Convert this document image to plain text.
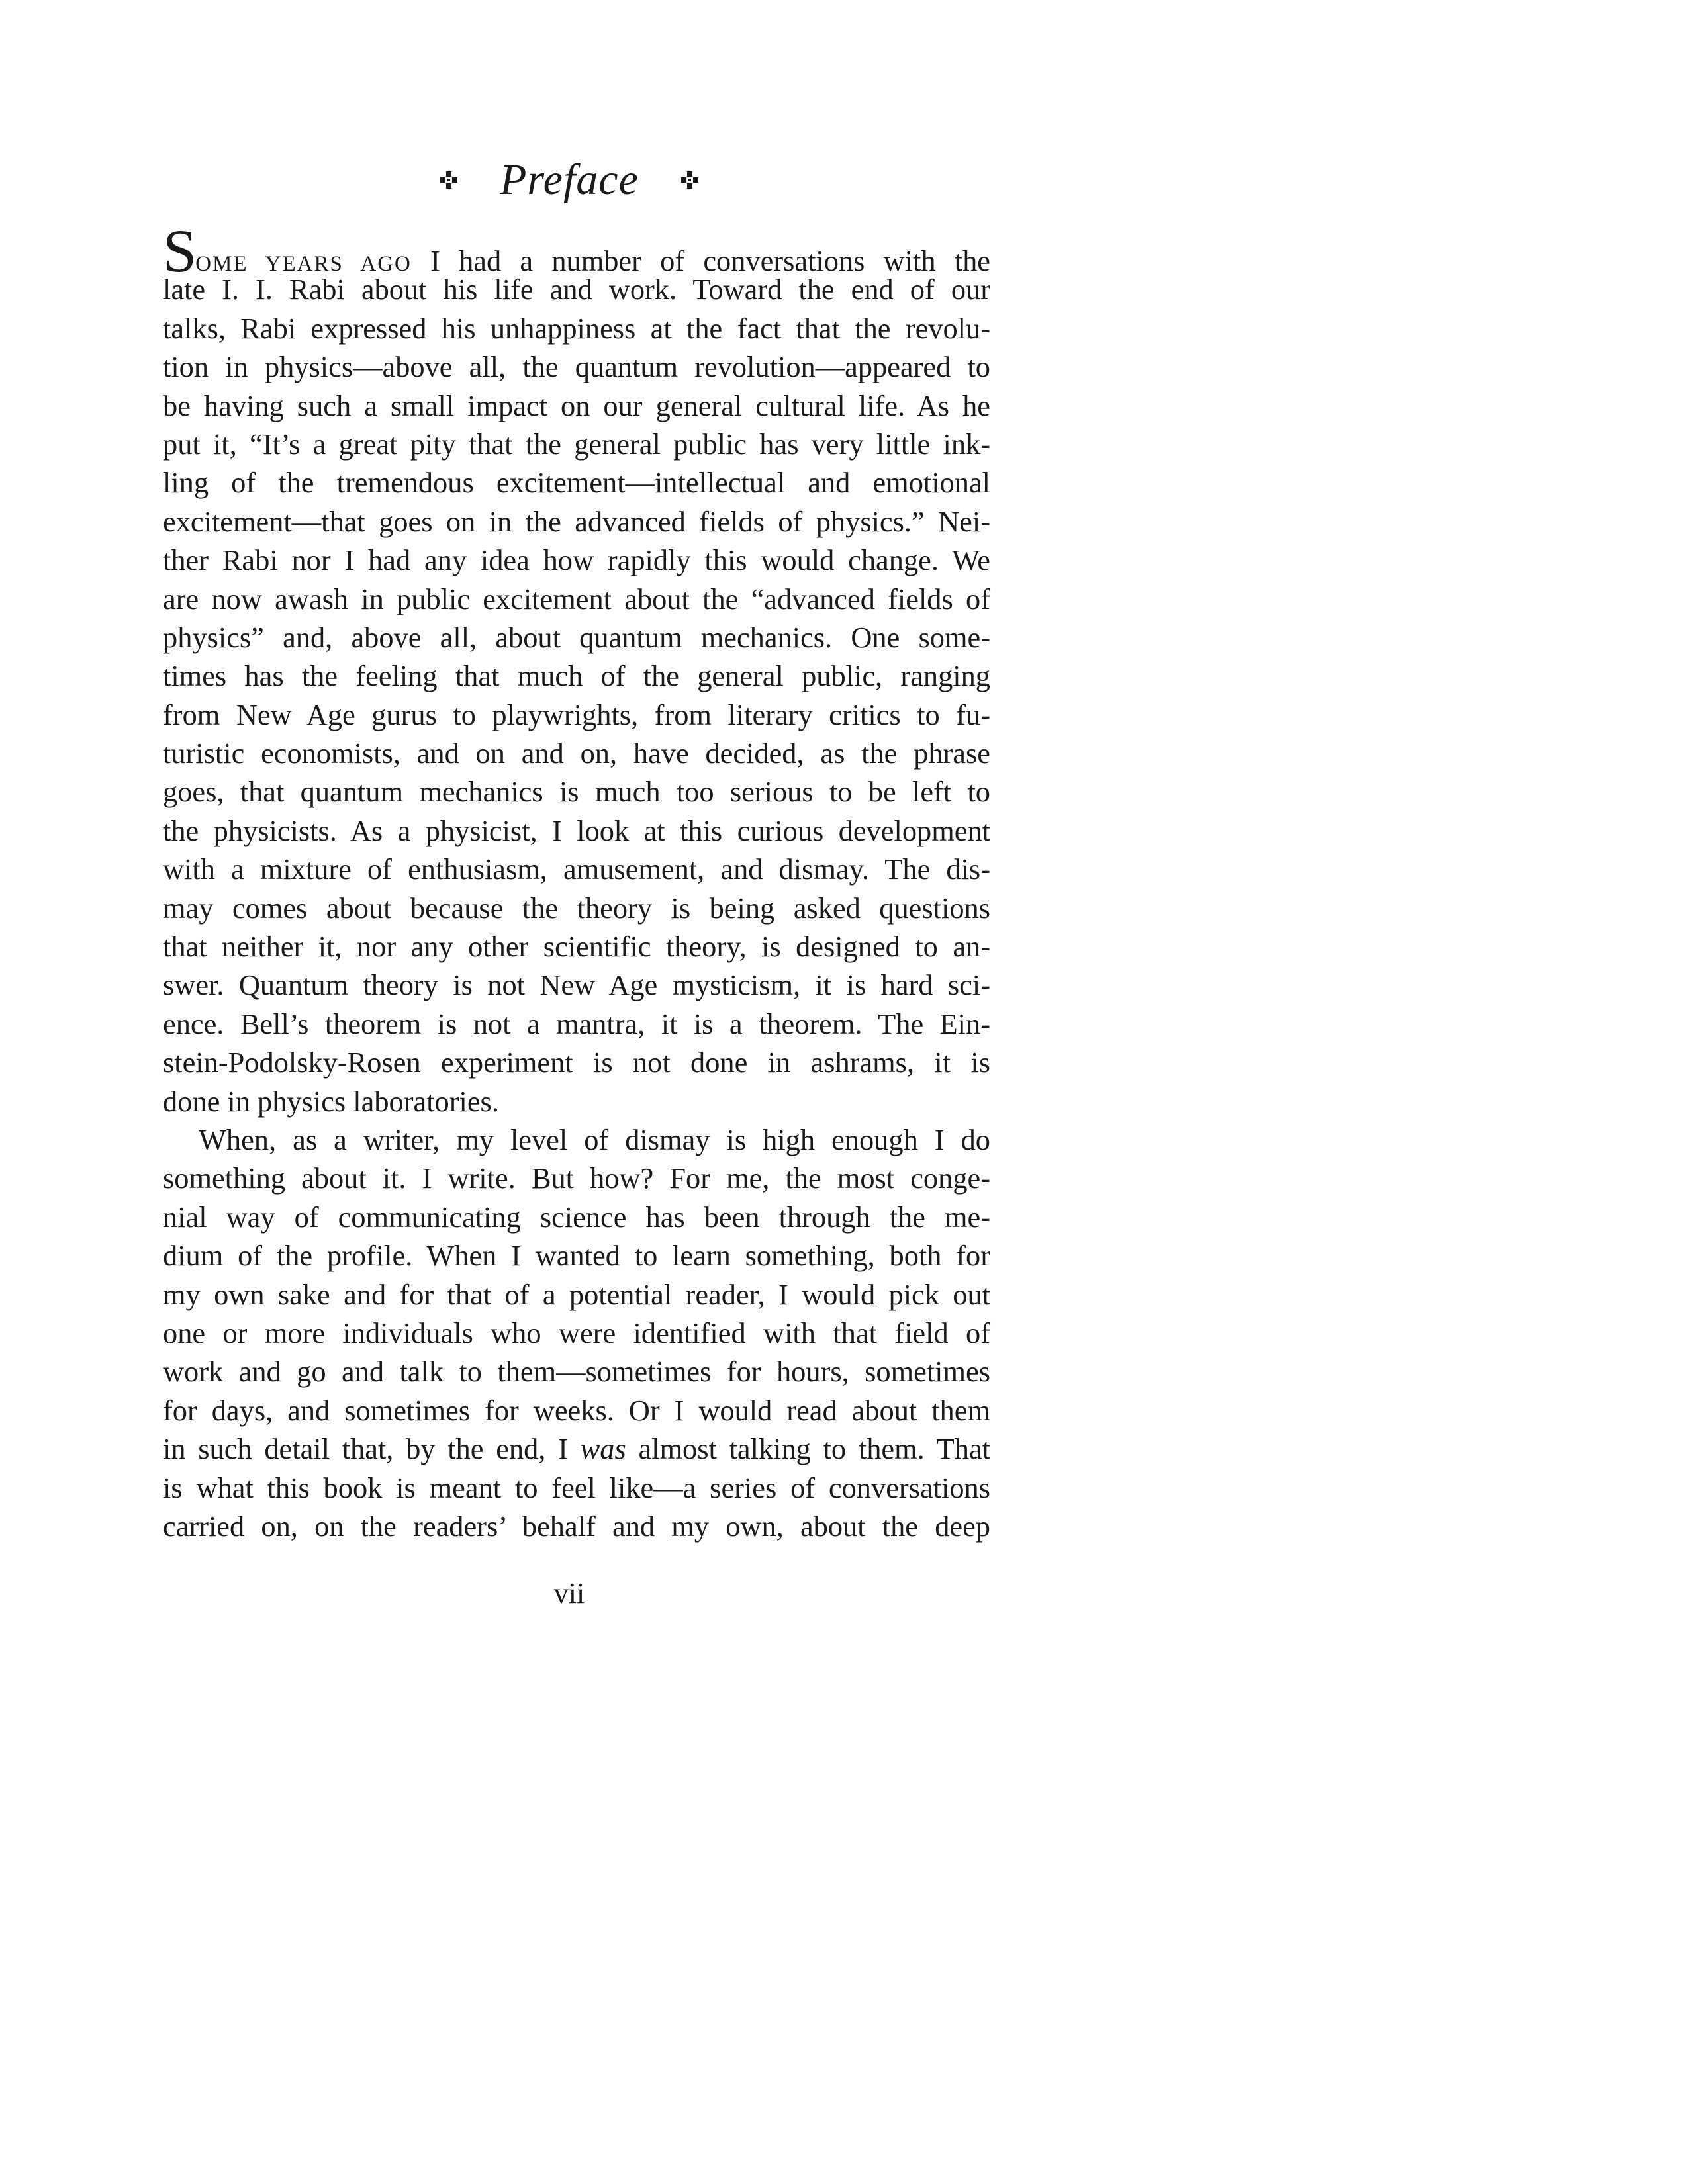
Preface
SOME YEARS AGO I had a number of conversations with the
late I. I. Rabi about his life and work. Toward the end of our
talks, Rabi expressed his unhappiness at the fact that the revolu-
tion in physics—above all, the quantum revolution—appeared to
be having such a small impact on our general cultural life. As he
put it, “It’s a great pity that the general public has very little ink-
ling of the tremendous excitement—intellectual and emotional
excitement—that goes on in the advanced fields of physics.” Nei-
ther Rabi nor I had any idea how rapidly this would change. We
are now awash in public excitement about the “advanced fields of
physics” and, above all, about quantum mechanics. One some-
times has the feeling that much of the general public, ranging
from New Age gurus to playwrights, from literary critics to fu-
turistic economists, and on and on, have decided, as the phrase
goes, that quantum mechanics is much too serious to be left to
the physicists. As a physicist, I look at this curious development
with a mixture of enthusiasm, amusement, and dismay. The dis-
may comes about because the theory is being asked questions
that neither it, nor any other scientific theory, is designed to an-
swer. Quantum theory is not New Age mysticism, it is hard sci-
ence. Bell’s theorem is not a mantra, it is a theorem. The Ein-
stein-Podolsky-Rosen experiment is not done in ashrams, it is
done in physics laboratories.
When, as a writer, my level of dismay is high enough I do
something about it. I write. But how? For me, the most conge-
nial way of communicating science has been through the me-
dium of the profile. When I wanted to learn something, both for
my own sake and for that of a potential reader, I would pick out
one or more individuals who were identified with that field of
work and go and talk to them—sometimes for hours, sometimes
for days, and sometimes for weeks. Or I would read about them
in such detail that, by the end, I was almost talking to them. That
is what this book is meant to feel like—a series of conversations
carried on, on the readers’ behalf and my own, about the deep
vii
